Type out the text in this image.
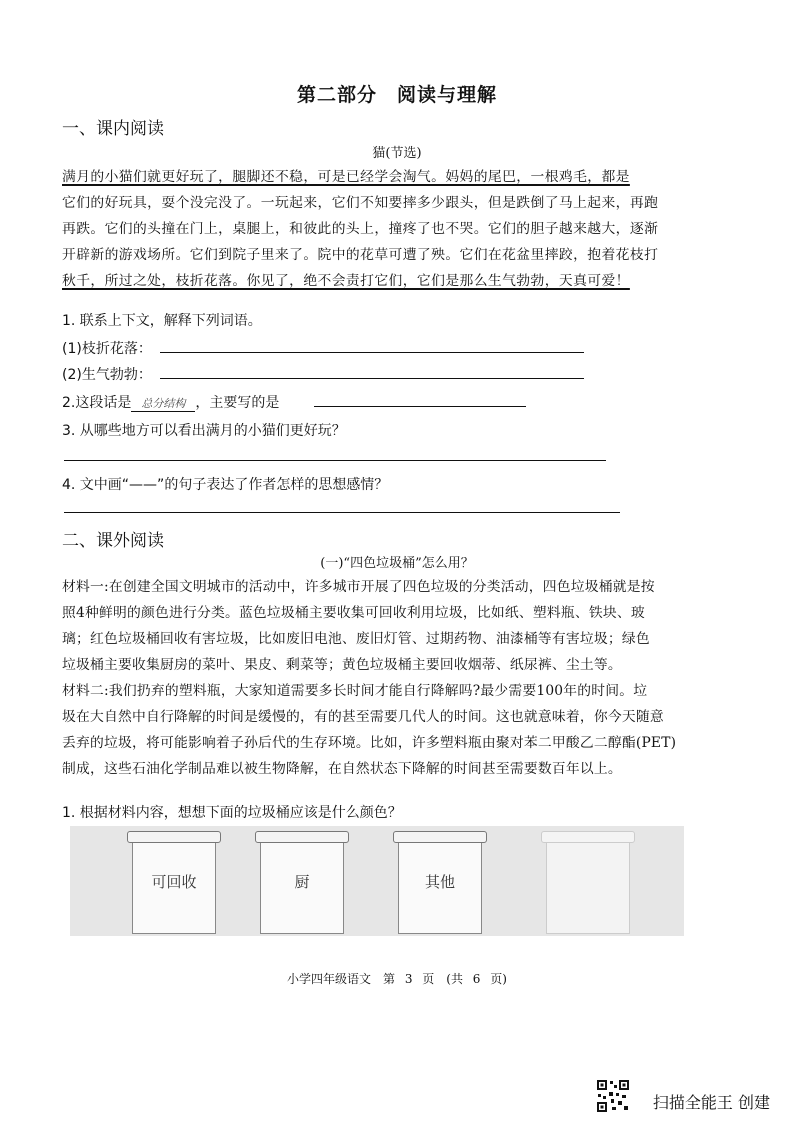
第二部分　阅读与理解
一、课内阅读
猫(节选)
满月的小猫们就更好玩了，腿脚还不稳，可是已经学会淘气。妈妈的尾巴，一根鸡毛，都是
它们的好玩具，耍个没完没了。一玩起来，它们不知要摔多少跟头，但是跌倒了马上起来，再跑
再跌。它们的头撞在门上，桌腿上，和彼此的头上，撞疼了也不哭。它们的胆子越来越大，逐渐
开辟新的游戏场所。它们到院子里来了。院中的花草可遭了殃。它们在花盆里摔跤，抱着花枝打
秋千，所过之处，枝折花落。你见了，绝不会责打它们，它们是那么生气勃勃，天真可爱！
1. 联系上下文，解释下列词语。
(1)枝折花落：
(2)生气勃勃：
2.这段话是 总分结构 ，主要写的是
3. 从哪些地方可以看出满月的小猫们更好玩？
4. 文中画“——”的句子表达了作者怎样的思想感情？
二、课外阅读
(一)“四色垃圾桶”怎么用？
材料一:在创建全国文明城市的活动中，许多城市开展了四色垃圾的分类活动，四色垃圾桶就是按
照4种鲜明的颜色进行分类。蓝色垃圾桶主要收集可回收利用垃圾，比如纸、塑料瓶、铁块、玻
璃；红色垃圾桶回收有害垃圾，比如废旧电池、废旧灯管、过期药物、油漆桶等有害垃圾；绿色
垃圾桶主要收集厨房的菜叶、果皮、剩菜等；黄色垃圾桶主要回收烟蒂、纸尿裤、尘土等。
材料二:我们扔弃的塑料瓶，大家知道需要多长时间才能自行降解吗?最少需要100年的时间。垃
圾在大自然中自行降解的时间是缓慢的，有的甚至需要几代人的时间。这也就意味着，你今天随意
丢弃的垃圾，将可能影响着子孙后代的生存环境。比如，许多塑料瓶由聚对苯二甲酸乙二醇酯(PET)
制成，这些石油化学制品难以被生物降解，在自然状态下降解的时间甚至需要数百年以上。
1. 根据材料内容，想想下面的垃圾桶应该是什么颜色？
可回收	厨	其他
小学四年级语文　第 3 页　(共 6 页)
扫描全能王 创建
